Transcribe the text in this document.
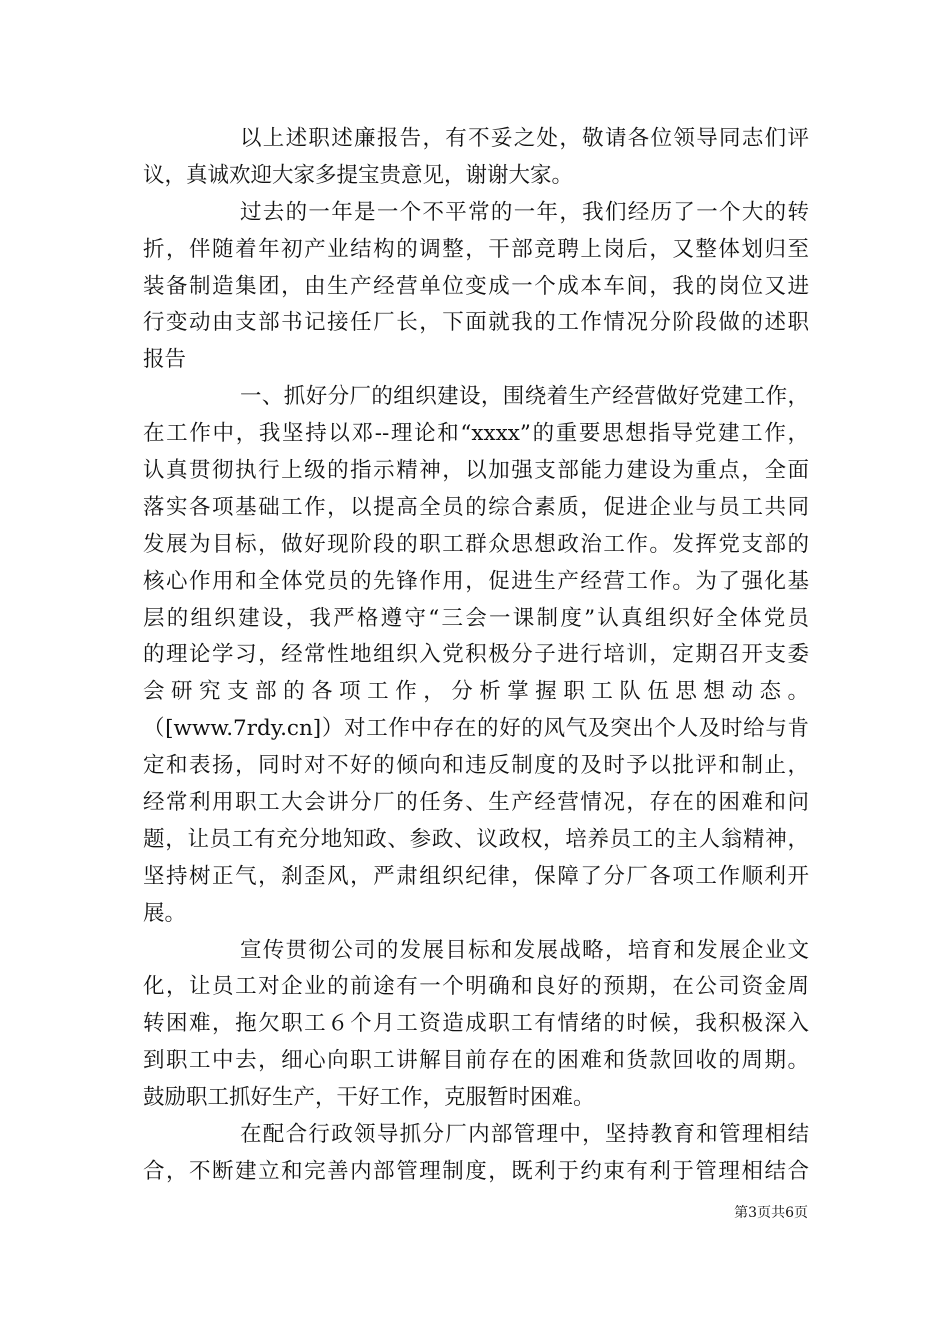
以上述职述廉报告，有不妥之处，敬请各位领导同志们评
议，真诚欢迎大家多提宝贵意见，谢谢大家。
过去的一年是一个不平常的一年，我们经历了一个大的转
折，伴随着年初产业结构的调整，干部竞聘上岗后，又整体划归至
装备制造集团，由生产经营单位变成一个成本车间，我的岗位又进
行变动由支部书记接任厂长，下面就我的工作情况分阶段做的述职
报告
一、抓好分厂的组织建设，围绕着生产经营做好党建工作，
在工作中，我坚持以邓--理论和“xxxx”的重要思想指导党建工作，
认真贯彻执行上级的指示精神，以加强支部能力建设为重点，全面
落实各项基础工作，以提高全员的综合素质，促进企业与员工共同
发展为目标，做好现阶段的职工群众思想政治工作。发挥党支部的
核心作用和全体党员的先锋作用，促进生产经营工作。为了强化基
层的组织建设，我严格遵守“三会一课制度”认真组织好全体党员
的理论学习，经常性地组织入党积极分子进行培训，定期召开支委
会研究支部的各项工作，分析掌握职工队伍思想动态。
（[www.7rdy.cn]）对工作中存在的好的风气及突出个人及时给与肯
定和表扬，同时对不好的倾向和违反制度的及时予以批评和制止，
经常利用职工大会讲分厂的任务、生产经营情况，存在的困难和问
题，让员工有充分地知政、参政、议政权，培养员工的主人翁精神，
坚持树正气，刹歪风，严肃组织纪律，保障了分厂各项工作顺利开
展。
宣传贯彻公司的发展目标和发展战略，培育和发展企业文
化，让员工对企业的前途有一个明确和良好的预期，在公司资金周
转困难，拖欠职工６个月工资造成职工有情绪的时候，我积极深入
到职工中去，细心向职工讲解目前存在的困难和货款回收的周期。
鼓励职工抓好生产，干好工作，克服暂时困难。
在配合行政领导抓分厂内部管理中，坚持教育和管理相结
合，不断建立和完善内部管理制度，既利于约束有利于管理相结合
第3页共6页
